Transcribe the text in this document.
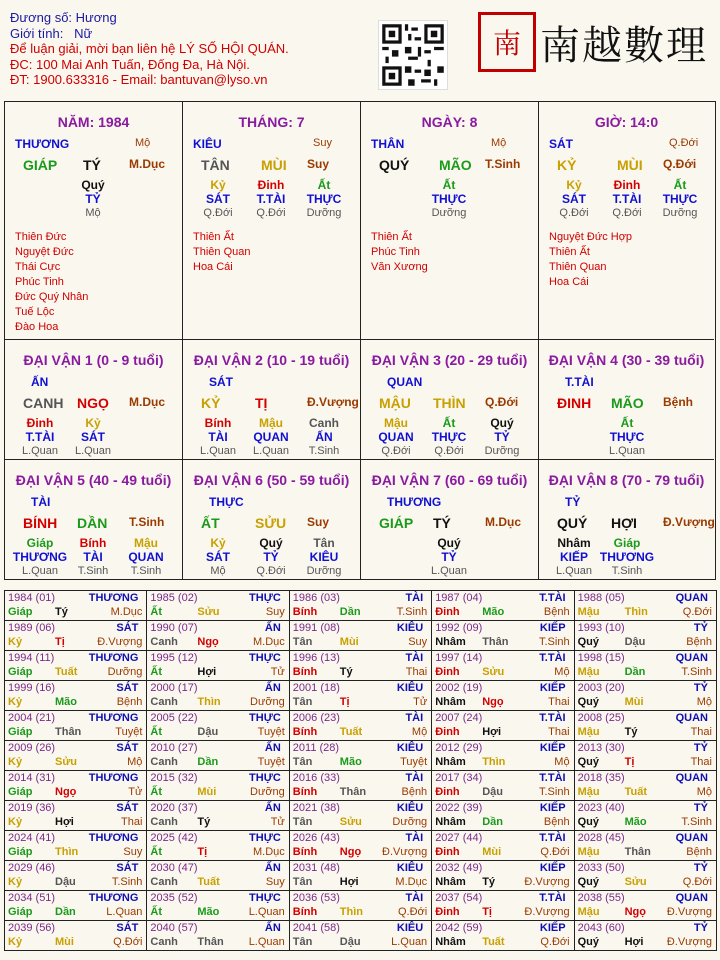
Đương số: Hương
Giới tính: Nữ
Để luận giải, mời bạn liên hệ LÝ SỐ HỘI QUÁN.
ĐC: 100 Mai Anh Tuấn, Đống Đa, Hà Nội.
ĐT: 1900.633316 - Email: bantuvan@lyso.vn
南 南越數理
NĂM: 1984
THƯƠNG	Mộ
GIÁP TÝ M.Dục
Quý
TỶ
Mộ
Thiên Đức
Nguyệt Đức
Thái Cực
Phúc Tinh
Đức Quý Nhân
Tuế Lộc
Đào Hoa
THÁNG: 7
KIÊU	Suy
TÂN MÙI Suy
Kỷ
SÁT
Q.Đới
Đinh
T.TÀI
Q.Đới
Ất
THỰC
Dưỡng
Thiên Ất
Thiên Quan
Hoa Cái
NGÀY: 8
THÂN	Mộ
QUÝ MÃO T.Sinh
Ất
THỰC
Dưỡng
Thiên Ất
Phúc Tinh
Văn Xương
GIỜ: 14:0
SÁT	Q.Đới
KỶ	MÙI Q.Đới
Kỷ
SÁT
Q.Đới
Đinh
T.TÀI
Q.Đới
Ất
THỰC
Dưỡng
Nguyệt Đức Hợp
Thiên Ất
Thiên Quan
Hoa Cái
ĐẠI VẬN 1 (0 - 9 tuổi)
ẤN
CANH NGỌ M.Dục
Đinh
T.TÀI
L.Quan
Kỷ
SÁT
L.Quan
ĐẠI VẬN 2 (10 - 19 tuổi)
SÁT
KỶ TỊ	Đ.Vượng
Bính
TÀI
L.Quan
Mậu
QUAN
L.Quan
Canh
ẤN
T.Sinh
ĐẠI VẬN 3 (20 - 29 tuổi)
QUAN
MẬU THÌN Q.Đới
Mậu
QUAN
Q.Đới
Ất
THỰC
Q.Đới
Quý
TỶ
Dưỡng
ĐẠI VẬN 4 (30 - 39 tuổi)
T.TÀI
ĐINH MÃO Bệnh
Ất
THỰC
L.Quan
ĐẠI VẬN 5 (40 - 49 tuổi)
TÀI
BÍNH DẦN T.Sinh
Giáp
THƯƠNG
L.Quan
Bính
TÀI
T.Sinh
Mậu
QUAN
T.Sinh
ĐẠI VẬN 6 (50 - 59 tuổi)
THỰC
ẤT	SỬU Suy
Kỷ
SÁT
Mộ
Quý
TỶ
Q.Đới
Tân
KIÊU
Dưỡng
ĐẠI VẬN 7 (60 - 69 tuổi)
THƯƠNG
GIÁP TÝ	M.Dục
Quý
TỶ
L.Quan
ĐẠI VẬN 8 (70 - 79 tuổi)
TỶ
QUÝ HỢI Đ.Vượng
Nhâm
KIẾP
L.Quan
Giáp
THƯƠNG
T.Sinh
1984 (01)	THƯƠNG
Giáp Tý	M.Dục
1985 (02)	THỰC
Ất	Sửu	Suy
1986 (03)	TÀI
Bính Dần	T.Sinh
1987 (04)	T.TÀI
Đinh Mão	Bệnh
1988 (05)	QUAN
Mậu Thìn	Q.Đới
1989 (06)	SÁT
Kỷ	Tị	Đ.Vượng
1990 (07)	ẤN
Canh Ngọ	M.Dục
1991 (08)	KIÊU
Tân Mùi	Suy
1992 (09)	KIẾP
Nhâm Thân	T.Sinh
1993 (10)	TỶ
Quý Dậu	Bệnh
1994 (11)	THƯƠNG
Giáp Tuất	Dưỡng
1995 (12)	THỰC
Ất	Hợi	Tử
1996 (13)	TÀI
Bính Tý	Thai
1997 (14)	T.TÀI
Đinh Sửu	Mộ
1998 (15)	QUAN
Mậu Dần	T.Sinh
1999 (16)	SÁT
Kỷ	Mão	Bệnh
2000 (17)	ẤN
Canh Thìn	Dưỡng
2001 (18)	KIÊU
Tân Tị	Tử
2002 (19)	KIẾP
Nhâm Ngọ	Thai
2003 (20)	TỶ
Quý Mùi	Mộ
2004 (21)	THƯƠNG
Giáp Thân	Tuyệt
2005 (22)	THỰC
Ất	Dậu	Tuyệt
2006 (23)	TÀI
Bính Tuất	Mộ
2007 (24)	T.TÀI
Đinh Hợi	Thai
2008 (25)	QUAN
Mậu Tý	Thai
2009 (26)	SÁT
Kỷ	Sửu	Mộ
2010 (27)	ẤN
Canh Dần	Tuyệt
2011 (28)	KIÊU
Tân Mão	Tuyệt
2012 (29)	KIẾP
Nhâm Thìn	Mộ
2013 (30)	TỶ
Quý Tị	Thai
2014 (31)	THƯƠNG
Giáp Ngọ	Tử
2015 (32)	THỰC
Ất	Mùi	Dưỡng
2016 (33)	TÀI
Bính Thân	Bệnh
2017 (34)	T.TÀI
Đinh Dậu	T.Sinh
2018 (35)	QUAN
Mậu Tuất	Mộ
2019 (36)	SÁT
Kỷ	Hợi	Thai
2020 (37)	ẤN
Canh Tý	Tử
2021 (38)	KIÊU
Tân Sửu	Dưỡng
2022 (39)	KIẾP
Nhâm Dần	Bệnh
2023 (40)	TỶ
Quý Mão	T.Sinh
2024 (41)	THƯƠNG
Giáp Thìn	Suy
2025 (42)	THỰC
Ất	Tị	M.Dục
2026 (43)	TÀI
Bính Ngọ Đ.Vượng
2027 (44)	T.TÀI
Đinh Mùi	Q.Đới
2028 (45)	QUAN
Mậu Thân	Bệnh
2029 (46)	SÁT
Kỷ	Dậu	T.Sinh
2030 (47)	ẤN
Canh Tuất	Suy
2031 (48)	KIÊU
Tân Hợi	M.Dục
2032 (49)	KIẾP
Nhâm Tý	Đ.Vượng
2033 (50)	TỶ
Quý Sửu	Q.Đới
2034 (51)	THƯƠNG
Giáp Dần	L.Quan
2035 (52)	THỰC
Ất	Mão	L.Quan
2036 (53)	TÀI
Bính Thìn	Q.Đới
2037 (54)	T.TÀI
Đinh Tị	Đ.Vượng
2038 (55)	QUAN
Mậu Ngọ Đ.Vượng
2039 (56)	SÁT
Kỷ	Mùi	Q.Đới
2040 (57)	ẤN
Canh Thân L.Quan
2041 (58)	KIÊU
Tân Dậu	L.Quan
2042 (59)	KIẾP
Nhâm Tuất	Q.Đới
2043 (60)	TỶ
Quý Hợi Đ.Vượng
